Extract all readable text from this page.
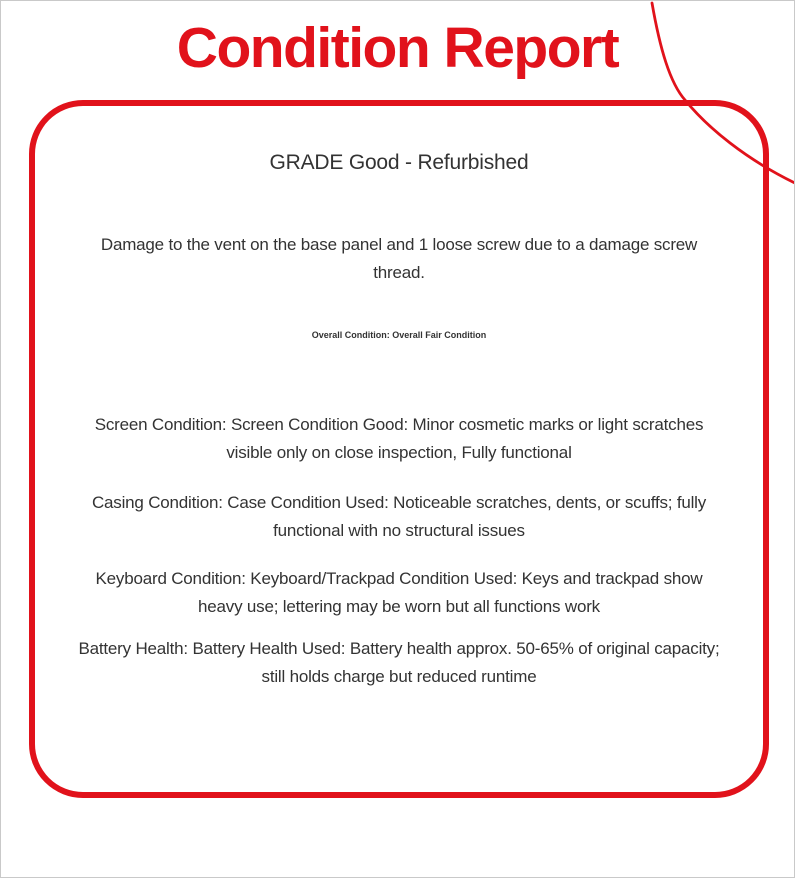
Condition Report
GRADE Good - Refurbished
Damage to the vent on the base panel and 1 loose screw due to a damage screw thread.
Overall Condition: Overall Fair Condition
Screen Condition: Screen Condition Good: Minor cosmetic marks or light scratches visible only on close inspection, Fully functional
Casing Condition: Case Condition Used: Noticeable scratches, dents, or scuffs; fully functional with no structural issues
Keyboard Condition: Keyboard/Trackpad Condition Used: Keys and trackpad show heavy use; lettering may be worn but all functions work
Battery Health: Battery Health Used: Battery health approx. 50-65% of original capacity; still holds charge but reduced runtime
